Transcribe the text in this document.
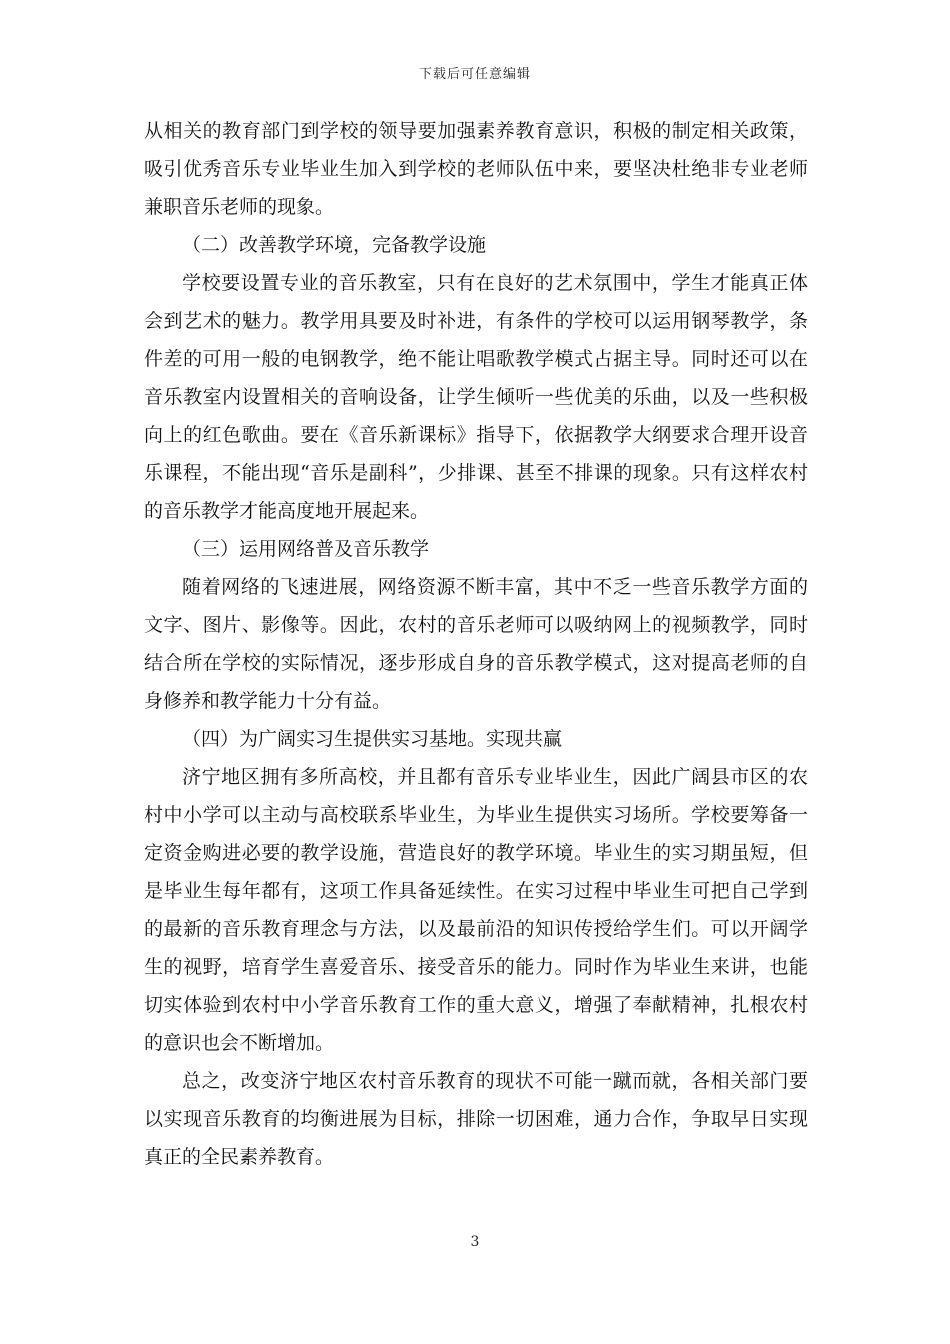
下载后可任意编辑

从相关的教育部门到学校的领导要加强素养教育意识，积极的制定相关政策，吸引优秀音乐专业毕业生加入到学校的老师队伍中来，要坚决杜绝非专业老师兼职音乐老师的现象。

（二）改善教学环境，完备教学设施

学校要设置专业的音乐教室，只有在良好的艺术氛围中，学生才能真正体会到艺术的魅力。教学用具要及时补进，有条件的学校可以运用钢琴教学，条件差的可用一般的电钢教学，绝不能让唱歌教学模式占据主导。同时还可以在音乐教室内设置相关的音响设备，让学生倾听一些优美的乐曲，以及一些积极向上的红色歌曲。要在《音乐新课标》指导下，依据教学大纲要求合理开设音乐课程，不能出现“音乐是副科”，少排课、甚至不排课的现象。只有这样农村的音乐教学才能高度地开展起来。

（三）运用网络普及音乐教学

随着网络的飞速进展，网络资源不断丰富，其中不乏一些音乐教学方面的文字、图片、影像等。因此，农村的音乐老师可以吸纳网上的视频教学，同时结合所在学校的实际情况，逐步形成自身的音乐教学模式，这对提高老师的自身修养和教学能力十分有益。

（四）为广阔实习生提供实习基地。实现共赢

济宁地区拥有多所高校，并且都有音乐专业毕业生，因此广阔县市区的农村中小学可以主动与高校联系毕业生，为毕业生提供实习场所。学校要筹备一定资金购进必要的教学设施，营造良好的教学环境。毕业生的实习期虽短，但是毕业生每年都有，这项工作具备延续性。在实习过程中毕业生可把自己学到的最新的音乐教育理念与方法，以及最前沿的知识传授给学生们。可以开阔学生的视野，培育学生喜爱音乐、接受音乐的能力。同时作为毕业生来讲，也能切实体验到农村中小学音乐教育工作的重大意义，增强了奉献精神，扎根农村的意识也会不断增加。

总之，改变济宁地区农村音乐教育的现状不可能一蹴而就，各相关部门要以实现音乐教育的均衡进展为目标，排除一切困难，通力合作，争取早日实现真正的全民素养教育。

3
